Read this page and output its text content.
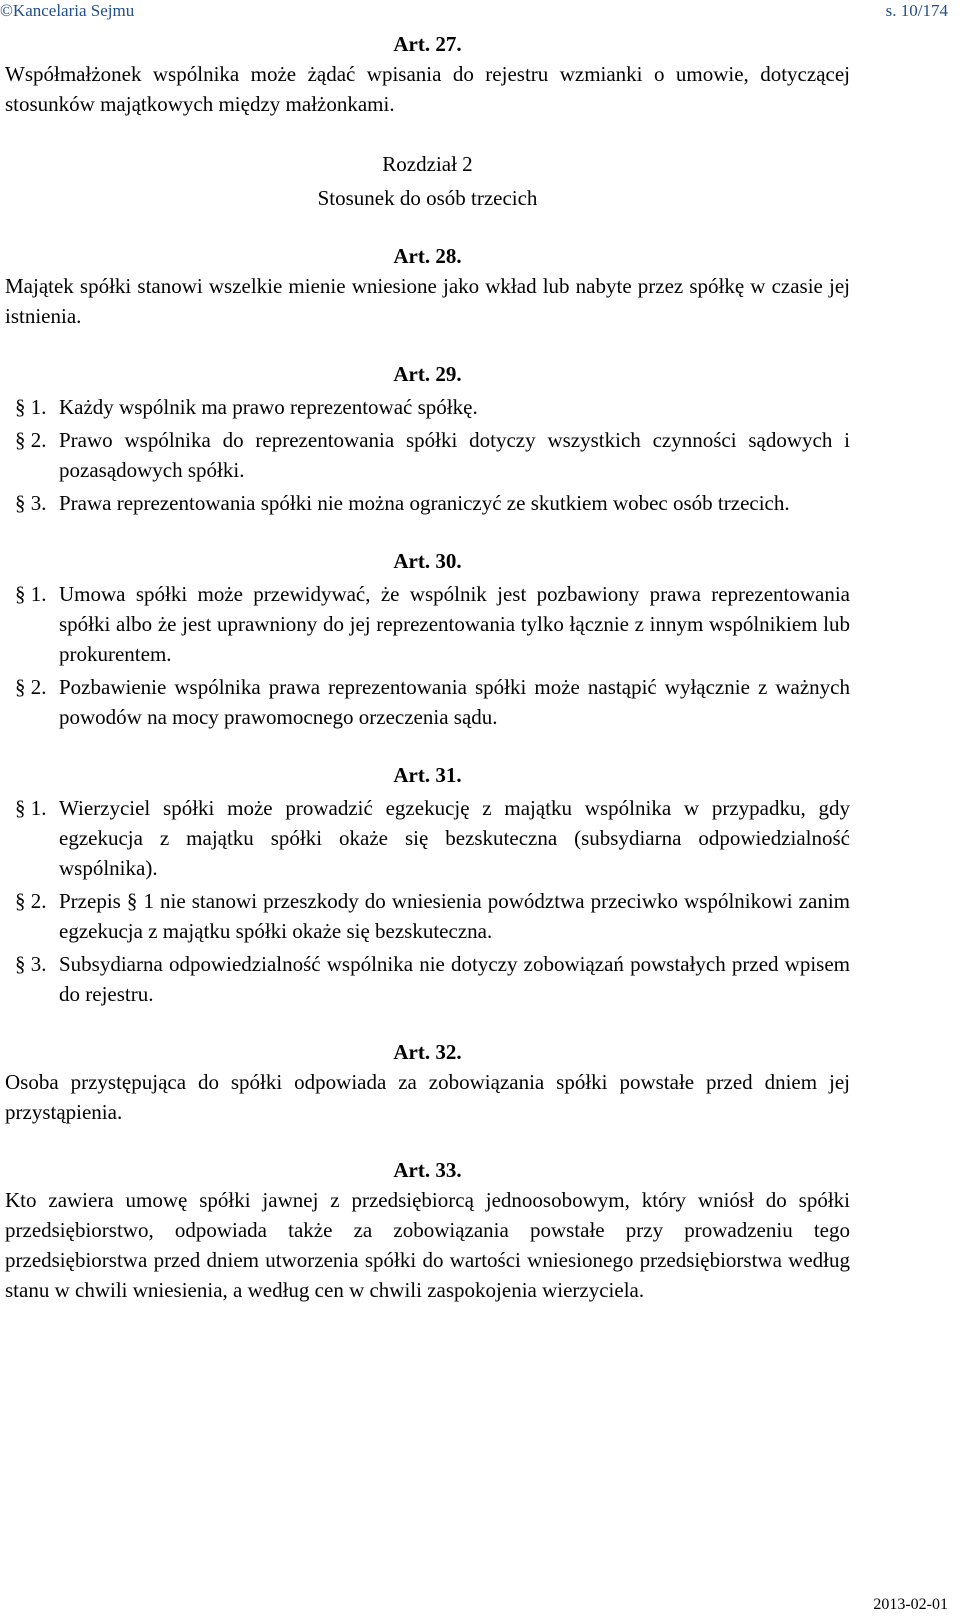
©Kancelaria Sejmu	s. 10/174
Art. 27.
Współmałżonek wspólnika może żądać wpisania do rejestru wzmianki o umowie, dotyczącej stosunków majątkowych między małżonkami.
Rozdział 2
Stosunek do osób trzecich
Art. 28.
Majątek spółki stanowi wszelkie mienie wniesione jako wkład lub nabyte przez spółkę w czasie jej istnienia.
Art. 29.
§ 1. Każdy wspólnik ma prawo reprezentować spółkę.
§ 2. Prawo wspólnika do reprezentowania spółki dotyczy wszystkich czynności sądowych i pozasądowych spółki.
§ 3. Prawa reprezentowania spółki nie można ograniczyć ze skutkiem wobec osób trzecich.
Art. 30.
§ 1. Umowa spółki może przewidywać, że wspólnik jest pozbawiony prawa reprezentowania spółki albo że jest uprawniony do jej reprezentowania tylko łącznie z innym wspólnikiem lub prokurentem.
§ 2. Pozbawienie wspólnika prawa reprezentowania spółki może nastąpić wyłącznie z ważnych powodów na mocy prawomocnego orzeczenia sądu.
Art. 31.
§ 1. Wierzyciel spółki może prowadzić egzekucję z majątku wspólnika w przypadku, gdy egzekucja z majątku spółki okaże się bezskuteczna (subsydiarna odpowiedzialność wspólnika).
§ 2. Przepis § 1 nie stanowi przeszkody do wniesienia powództwa przeciwko wspólnikowi zanim egzekucja z majątku spółki okaże się bezskuteczna.
§ 3. Subsydiarna odpowiedzialność wspólnika nie dotyczy zobowiązań powstałych przed wpisem do rejestru.
Art. 32.
Osoba przystępująca do spółki odpowiada za zobowiązania spółki powstałe przed dniem jej przystąpienia.
Art. 33.
Kto zawiera umowę spółki jawnej z przedsiębiorcą jednoosobowym, który wniósł do spółki przedsiębiorstwo, odpowiada także za zobowiązania powstałe przy prowadzeniu tego przedsiębiorstwa przed dniem utworzenia spółki do wartości wniesionego przedsiębiorstwa według stanu w chwili wniesienia, a według cen w chwili zaspokojenia wierzyciela.
2013-02-01
